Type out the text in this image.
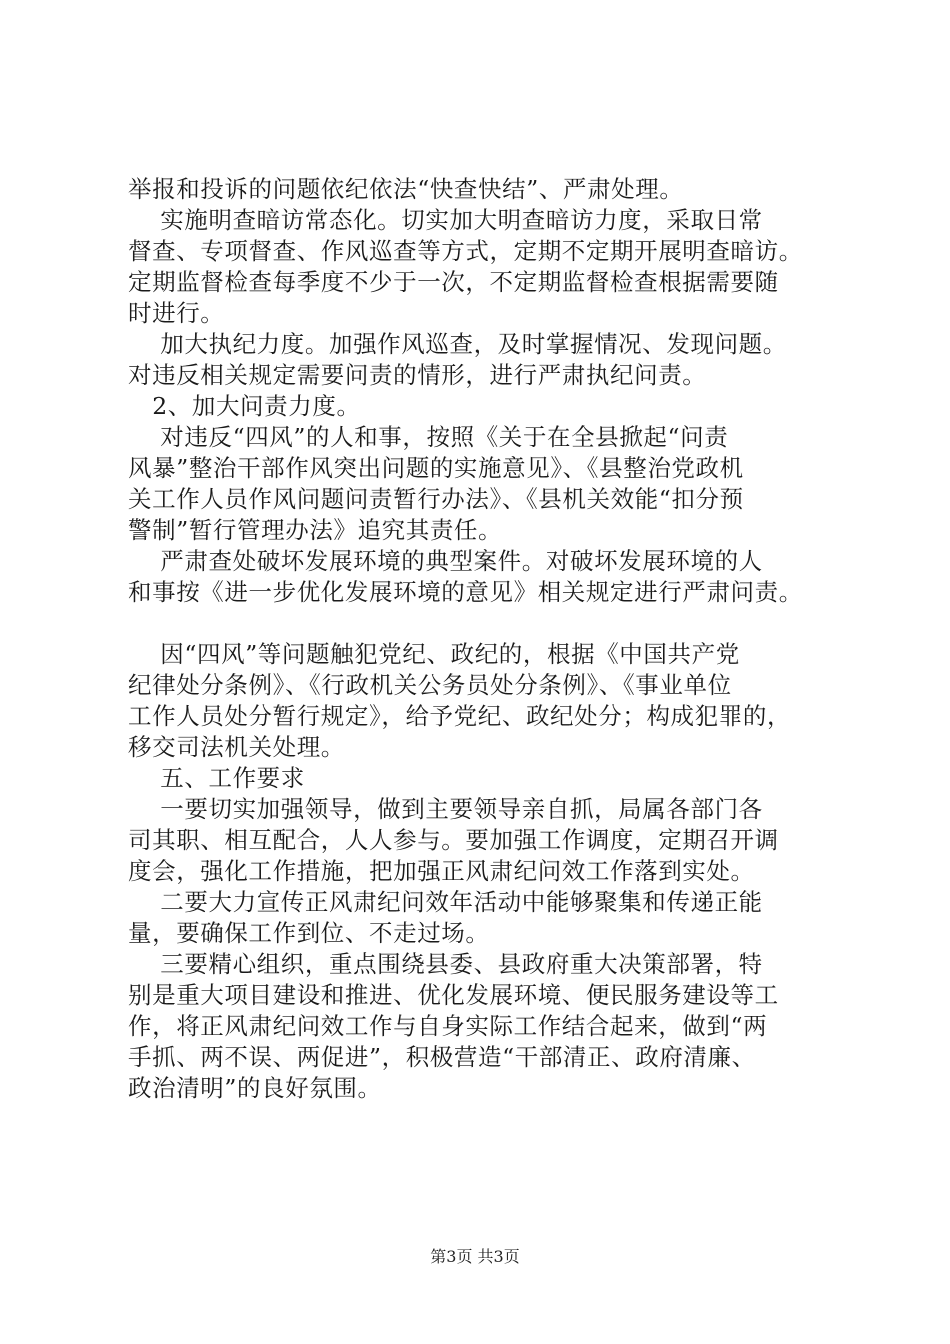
举报和投诉的问题依纪依法“快查快结”、严肃处理。
实施明查暗访常态化。切实加大明查暗访力度，采取日常
督查、专项督查、作风巡查等方式，定期不定期开展明查暗访。
定期监督检查每季度不少于一次，不定期监督检查根据需要随
时进行。
加大执纪力度。加强作风巡查，及时掌握情况、发现问题。
对违反相关规定需要问责的情形，进行严肃执纪问责。
2、加大问责力度。
对违反“四风”的人和事，按照《关于在全县掀起“问责
风暴”整治干部作风突出问题的实施意见》、《县整治党政机
关工作人员作风问题问责暂行办法》、《县机关效能“扣分预
警制”暂行管理办法》追究其责任。
严肃查处破坏发展环境的典型案件。对破坏发展环境的人
和事按《进一步优化发展环境的意见》相关规定进行严肃问责。
因“四风”等问题触犯党纪、政纪的，根据《中国共产党
纪律处分条例》、《行政机关公务员处分条例》、《事业单位
工作人员处分暂行规定》，给予党纪、政纪处分；构成犯罪的，
移交司法机关处理。
五、工作要求
一要切实加强领导，做到主要领导亲自抓，局属各部门各
司其职、相互配合，人人参与。要加强工作调度，定期召开调
度会，强化工作措施，把加强正风肃纪问效工作落到实处。
二要大力宣传正风肃纪问效年活动中能够聚集和传递正能
量，要确保工作到位、不走过场。
三要精心组织，重点围绕县委、县政府重大决策部署，特
别是重大项目建设和推进、优化发展环境、便民服务建设等工
作，将正风肃纪问效工作与自身实际工作结合起来，做到“两
手抓、两不误、两促进”，积极营造“干部清正、政府清廉、
政治清明”的良好氛围。
第3页 共3页
